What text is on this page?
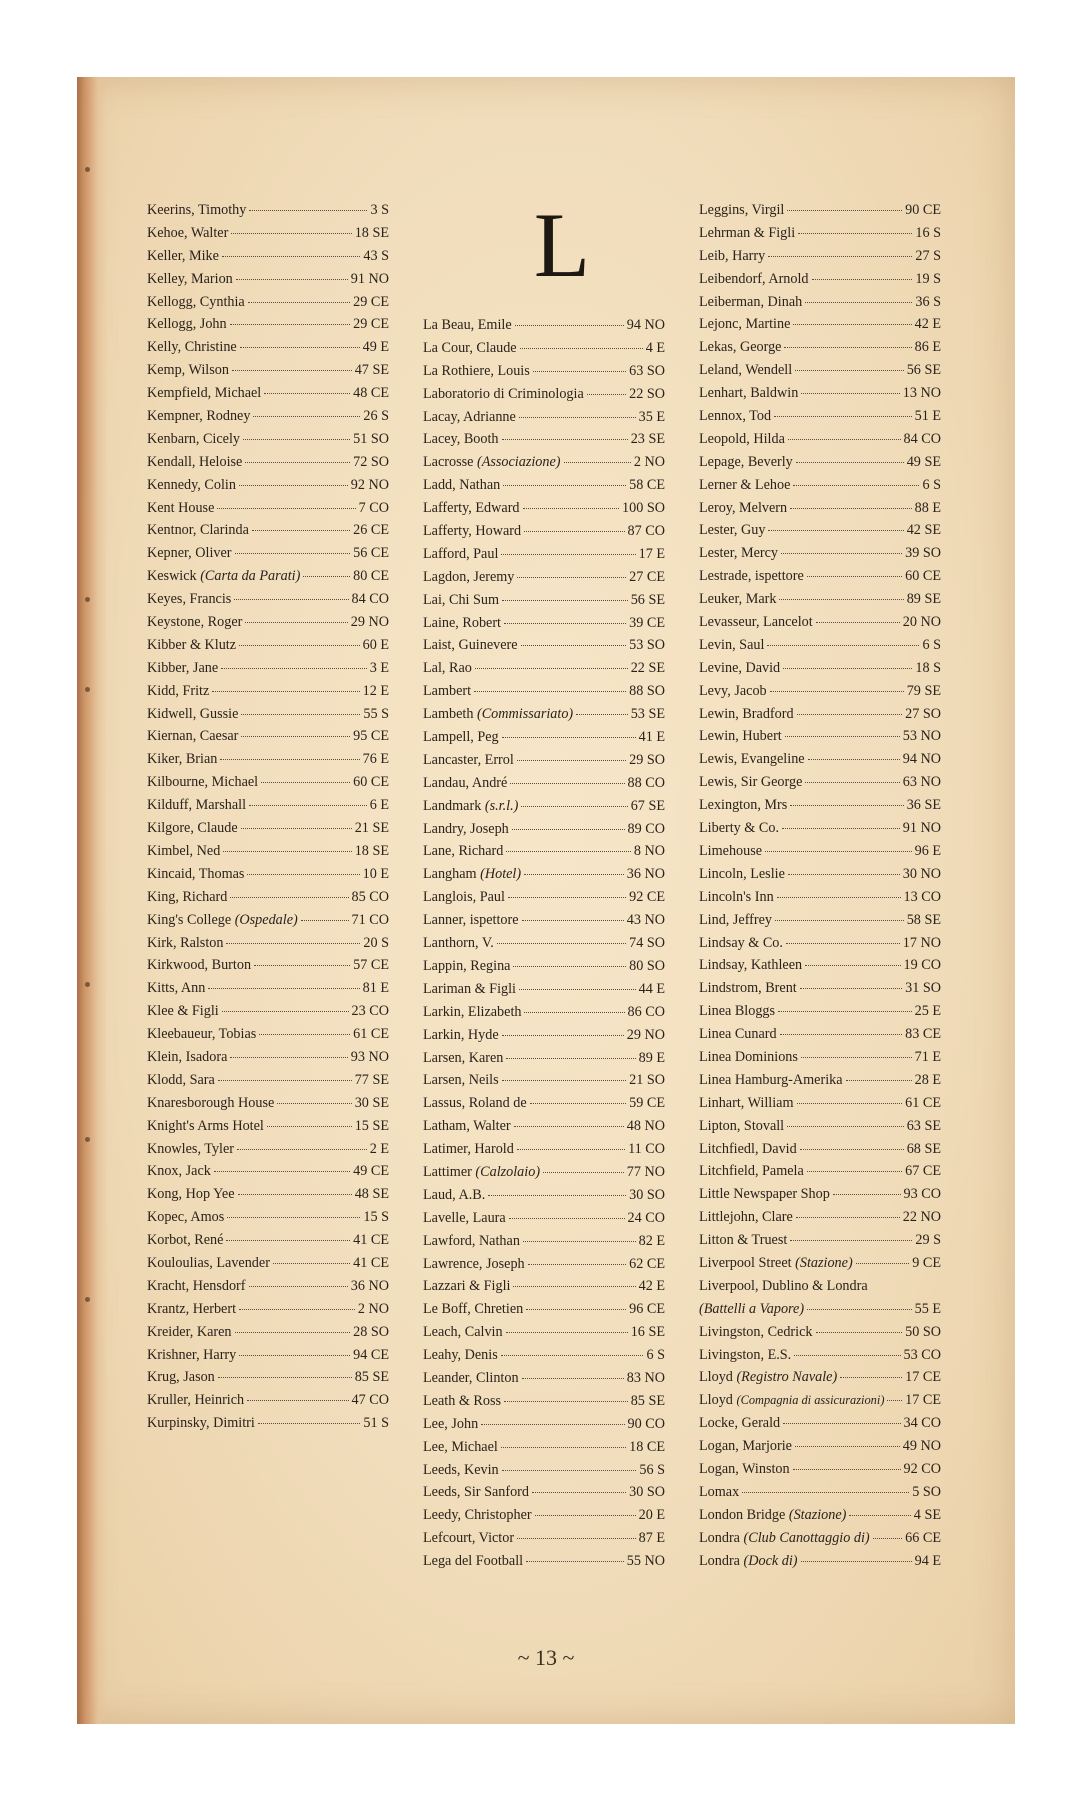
L
Keerins, Timothy	3 S
Kehoe, Walter	18 SE
Keller, Mike	43 S
Kelley, Marion	91 NO
Kellogg, Cynthia	29 CE
Kellogg, John	29 CE
Kelly, Christine	49 E
Kemp, Wilson	47 SE
Kempfield, Michael	48 CE
Kempner, Rodney	26 S
Kenbarn, Cicely	51 SO
Kendall, Heloise	72 SO
Kennedy, Colin	92 NO
Kent House	7 CO
Kentnor, Clarinda	26 CE
Kepner, Oliver	56 CE
Keswick (Carta da Parati)	80 CE
Keyes, Francis	84 CO
Keystone, Roger	29 NO
Kibber & Klutz	60 E
Kibber, Jane	3 E
Kidd, Fritz	12 E
Kidwell, Gussie	55 S
Kiernan, Caesar	95 CE
Kiker, Brian	76 E
Kilbourne, Michael	60 CE
Kilduff, Marshall	6 E
Kilgore, Claude	21 SE
Kimbel, Ned	18 SE
Kincaid, Thomas	10 E
King, Richard	85 CO
King's College (Ospedale)	71 CO
Kirk, Ralston	20 S
Kirkwood, Burton	57 CE
Kitts, Ann	81 E
Klee & Figli	23 CO
Kleebaueur, Tobias	61 CE
Klein, Isadora	93 NO
Klodd, Sara	77 SE
Knaresborough House	30 SE
Knight's Arms Hotel	15 SE
Knowles, Tyler	2 E
Knox, Jack	49 CE
Kong, Hop Yee	48 SE
Kopec, Amos	15 S
Korbot, René	41 CE
Kouloulias, Lavender	41 CE
Kracht, Hensdorf	36 NO
Krantz, Herbert	2 NO
Kreider, Karen	28 SO
Krishner, Harry	94 CE
Krug, Jason	85 SE
Kruller, Heinrich	47 CO
Kurpinsky, Dimitri	51 S
La Beau, Emile	94 NO
La Cour, Claude	4 E
La Rothiere, Louis	63 SO
Laboratorio di Criminologia	22 SO
Lacay, Adrianne	35 E
Lacey, Booth	23 SE
Lacrosse (Associazione)	2 NO
Ladd, Nathan	58 CE
Lafferty, Edward	100 SO
Lafferty, Howard	87 CO
Lafford, Paul	17 E
Lagdon, Jeremy	27 CE
Lai, Chi Sum	56 SE
Laine, Robert	39 CE
Laist, Guinevere	53 SO
Lal, Rao	22 SE
Lambert	88 SO
Lambeth (Commissariato)	53 SE
Lampell, Peg	41 E
Lancaster, Errol	29 SO
Landau, André	88 CO
Landmark (s.r.l.)	67 SE
Landry, Joseph	89 CO
Lane, Richard	8 NO
Langham (Hotel)	36 NO
Langlois, Paul	92 CE
Lanner, ispettore	43 NO
Lanthorn, V.	74 SO
Lappin, Regina	80 SO
Lariman & Figli	44 E
Larkin, Elizabeth	86 CO
Larkin, Hyde	29 NO
Larsen, Karen	89 E
Larsen, Neils	21 SO
Lassus, Roland de	59 CE
Latham, Walter	48 NO
Latimer, Harold	11 CO
Lattimer (Calzolaio)	77 NO
Laud, A.B.	30 SO
Lavelle, Laura	24 CO
Lawford, Nathan	82 E
Lawrence, Joseph	62 CE
Lazzari & Figli	42 E
Le Boff, Chretien	96 CE
Leach, Calvin	16 SE
Leahy, Denis	6 S
Leander, Clinton	83 NO
Leath & Ross	85 SE
Lee, John	90 CO
Lee, Michael	18 CE
Leeds, Kevin	56 S
Leeds, Sir Sanford	30 SO
Leedy, Christopher	20 E
Lefcourt, Victor	87 E
Lega del Football	55 NO
Leggins, Virgil	90 CE
Lehrman & Figli	16 S
Leib, Harry	27 S
Leibendorf, Arnold	19 S
Leiberman, Dinah	36 S
Lejonc, Martine	42 E
Lekas, George	86 E
Leland, Wendell	56 SE
Lenhart, Baldwin	13 NO
Lennox, Tod	51 E
Leopold, Hilda	84 CO
Lepage, Beverly	49 SE
Lerner & Lehoe	6 S
Leroy, Melvern	88 E
Lester, Guy	42 SE
Lester, Mercy	39 SO
Lestrade, ispettore	60 CE
Leuker, Mark	89 SE
Levasseur, Lancelot	20 NO
Levin, Saul	6 S
Levine, David	18 S
Levy, Jacob	79 SE
Lewin, Bradford	27 SO
Lewin, Hubert	53 NO
Lewis, Evangeline	94 NO
Lewis, Sir George	63 NO
Lexington, Mrs	36 SE
Liberty & Co.	91 NO
Limehouse	96 E
Lincoln, Leslie	30 NO
Lincoln's Inn	13 CO
Lind, Jeffrey	58 SE
Lindsay & Co.	17 NO
Lindsay, Kathleen	19 CO
Lindstrom, Brent	31 SO
Linea Bloggs	25 E
Linea Cunard	83 CE
Linea Dominions	71 E
Linea Hamburg-Amerika	28 E
Linhart, William	61 CE
Lipton, Stovall	63 SE
Litchfiedl, David	68 SE
Litchfield, Pamela	67 CE
Little Newspaper Shop	93 CO
Littlejohn, Clare	22 NO
Litton & Truest	29 S
Liverpool Street (Stazione)	9 CE
Liverpool, Dublino & Londra
(Battelli a Vapore)	55 E
Livingston, Cedrick	50 SO
Livingston, E.S.	53 CO
Lloyd (Registro Navale)	17 CE
Lloyd (Compagnia di assicurazioni) 17 CE
Locke, Gerald	34 CO
Logan, Marjorie	49 NO
Logan, Winston	92 CO
Lomax	5 SO
London Bridge (Stazione)	4 SE
Londra (Club Canottaggio di) 66 CE
Londra (Dock di)	94 E
~ 13 ~
